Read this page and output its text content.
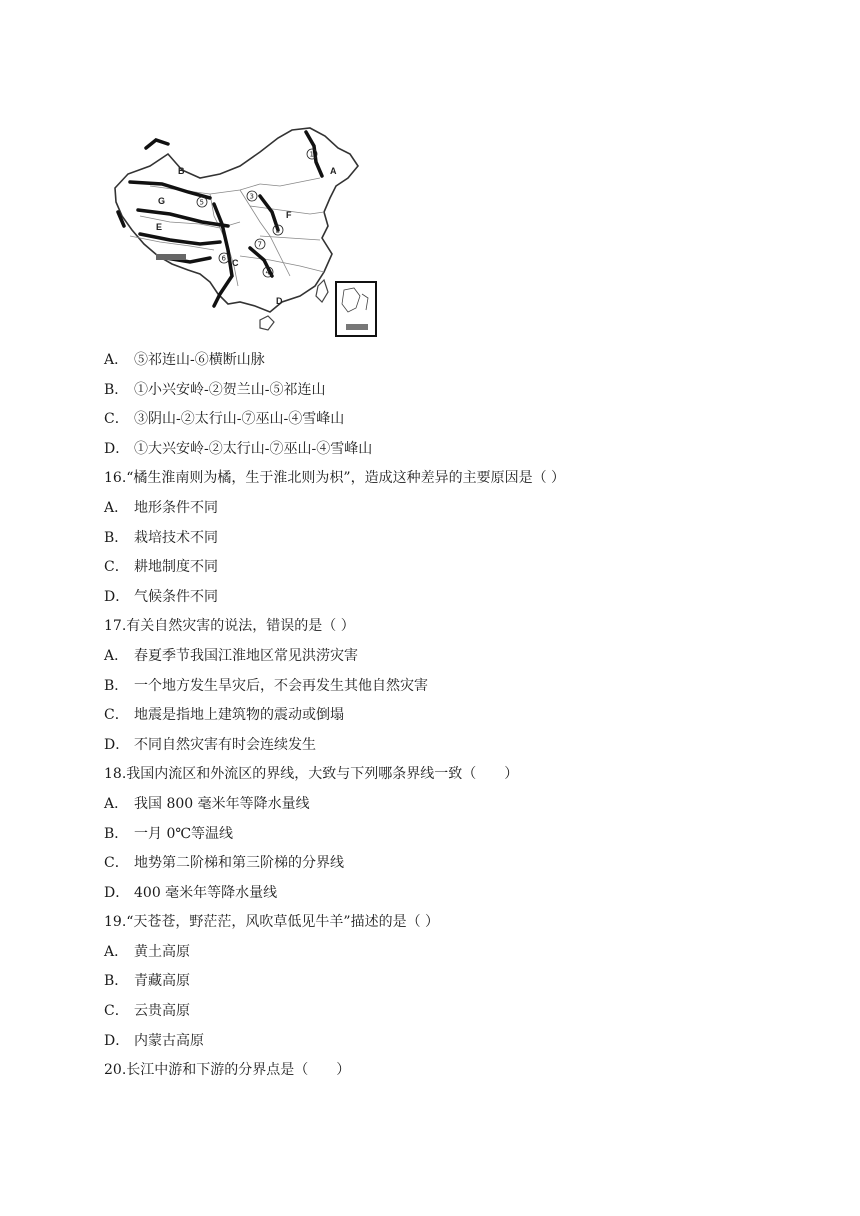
B
E
G
C
D
A
F
1
2
3
4
5
6
7
A． ⑤祁连山-⑥横断山脉
B． ①小兴安岭-②贺兰山-⑤祁连山
C． ③阴山-②太行山-⑦巫山-④雪峰山
D． ①大兴安岭-②太行山-⑦巫山-④雪峰山
16.“橘生淮南则为橘，生于淮北则为枳”，造成这种差异的主要原因是（ ）
A． 地形条件不同
B． 栽培技术不同
C． 耕地制度不同
D． 气候条件不同
17.有关自然灾害的说法，错误的是（ ）
A． 春夏季节我国江淮地区常见洪涝灾害
B． 一个地方发生旱灾后，不会再发生其他自然灾害
C． 地震是指地上建筑物的震动或倒塌
D． 不同自然灾害有时会连续发生
18.我国内流区和外流区的界线，大致与下列哪条界线一致（　　）
A． 我国 800 毫米年等降水量线
B． 一月 0℃等温线
C． 地势第二阶梯和第三阶梯的分界线
D． 400 毫米年等降水量线
19.“天苍苍，野茫茫，风吹草低见牛羊”描述的是（ ）
A． 黄土高原
B． 青藏高原
C． 云贵高原
D． 内蒙古高原
20.长江中游和下游的分界点是（　　）
